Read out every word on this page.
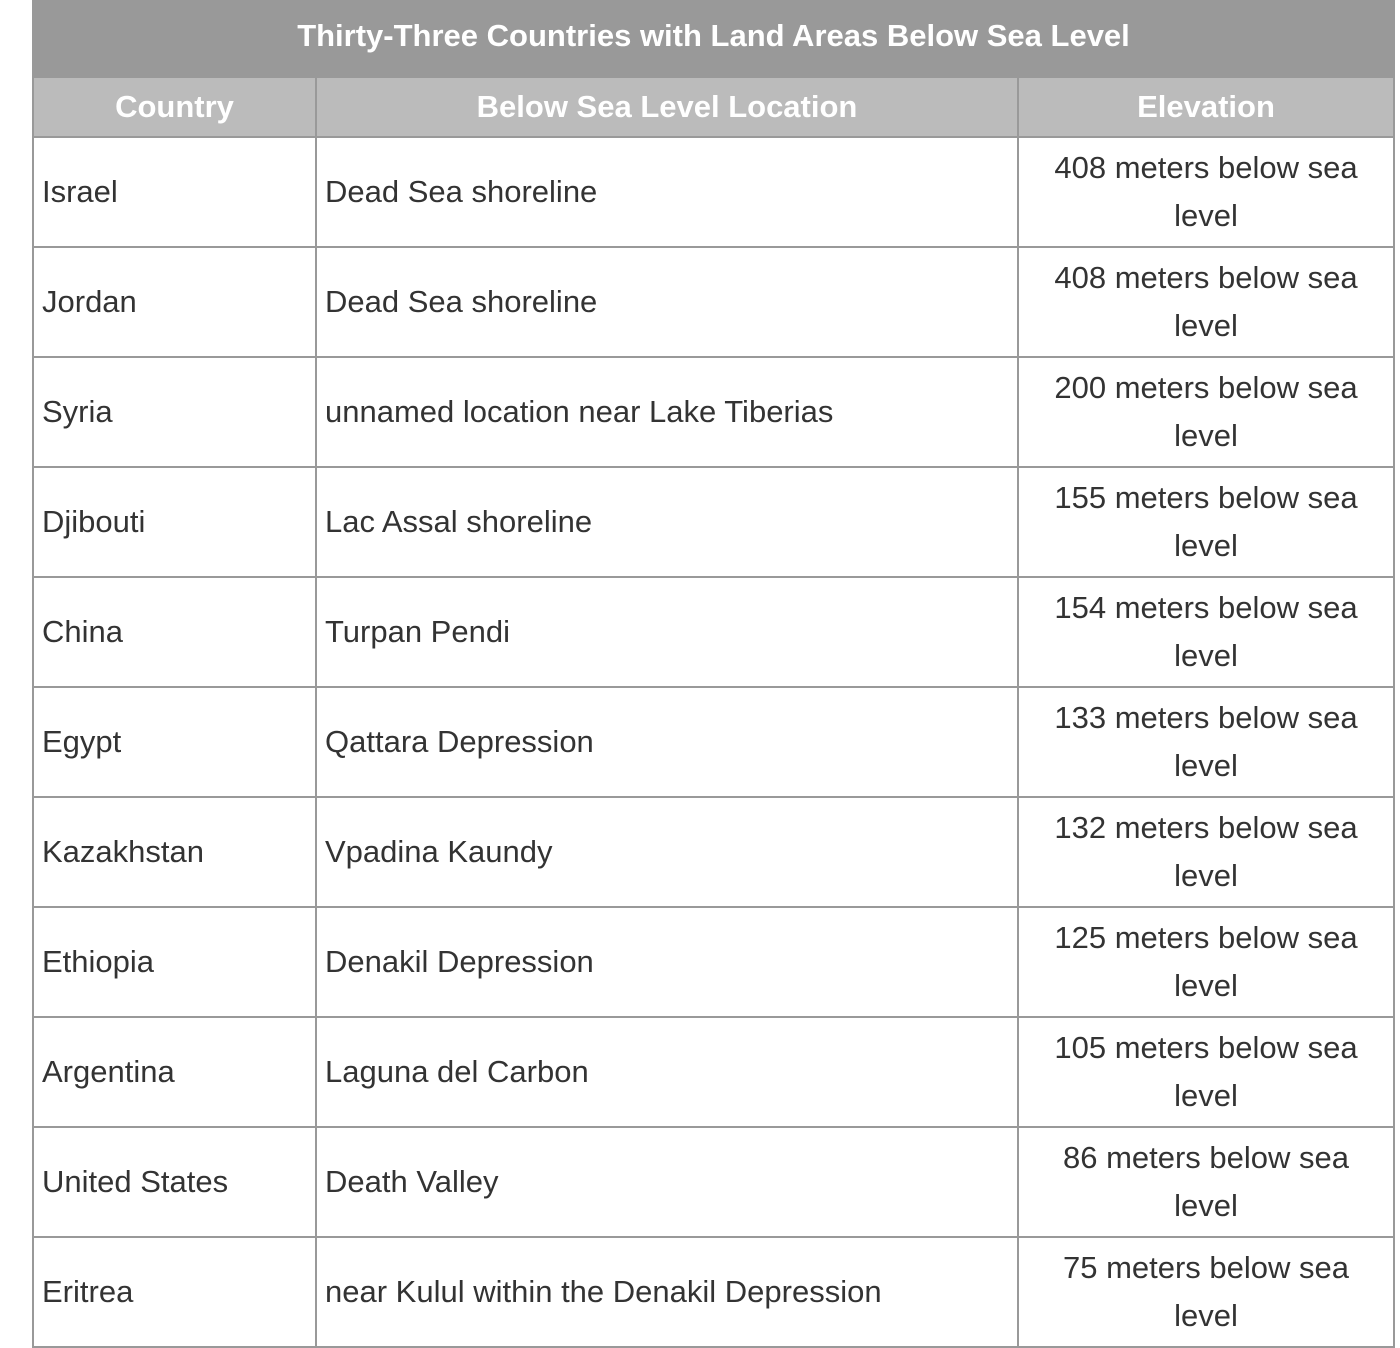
Thirty-Three Countries with Land Areas Below Sea Level
Country	Below Sea Level Location	Elevation
Israel	Dead Sea shoreline	408 meters below sea level
Jordan	Dead Sea shoreline	408 meters below sea level
Syria	unnamed location near Lake Tiberias	200 meters below sea level
Djibouti	Lac Assal shoreline	155 meters below sea level
China	Turpan Pendi	154 meters below sea level
Egypt	Qattara Depression	133 meters below sea level
Kazakhstan	Vpadina Kaundy	132 meters below sea level
Ethiopia	Denakil Depression	125 meters below sea level
Argentina	Laguna del Carbon	105 meters below sea level
United States	Death Valley	86 meters below sea level
Eritrea	near Kulul within the Denakil Depression	75 meters below sea level
